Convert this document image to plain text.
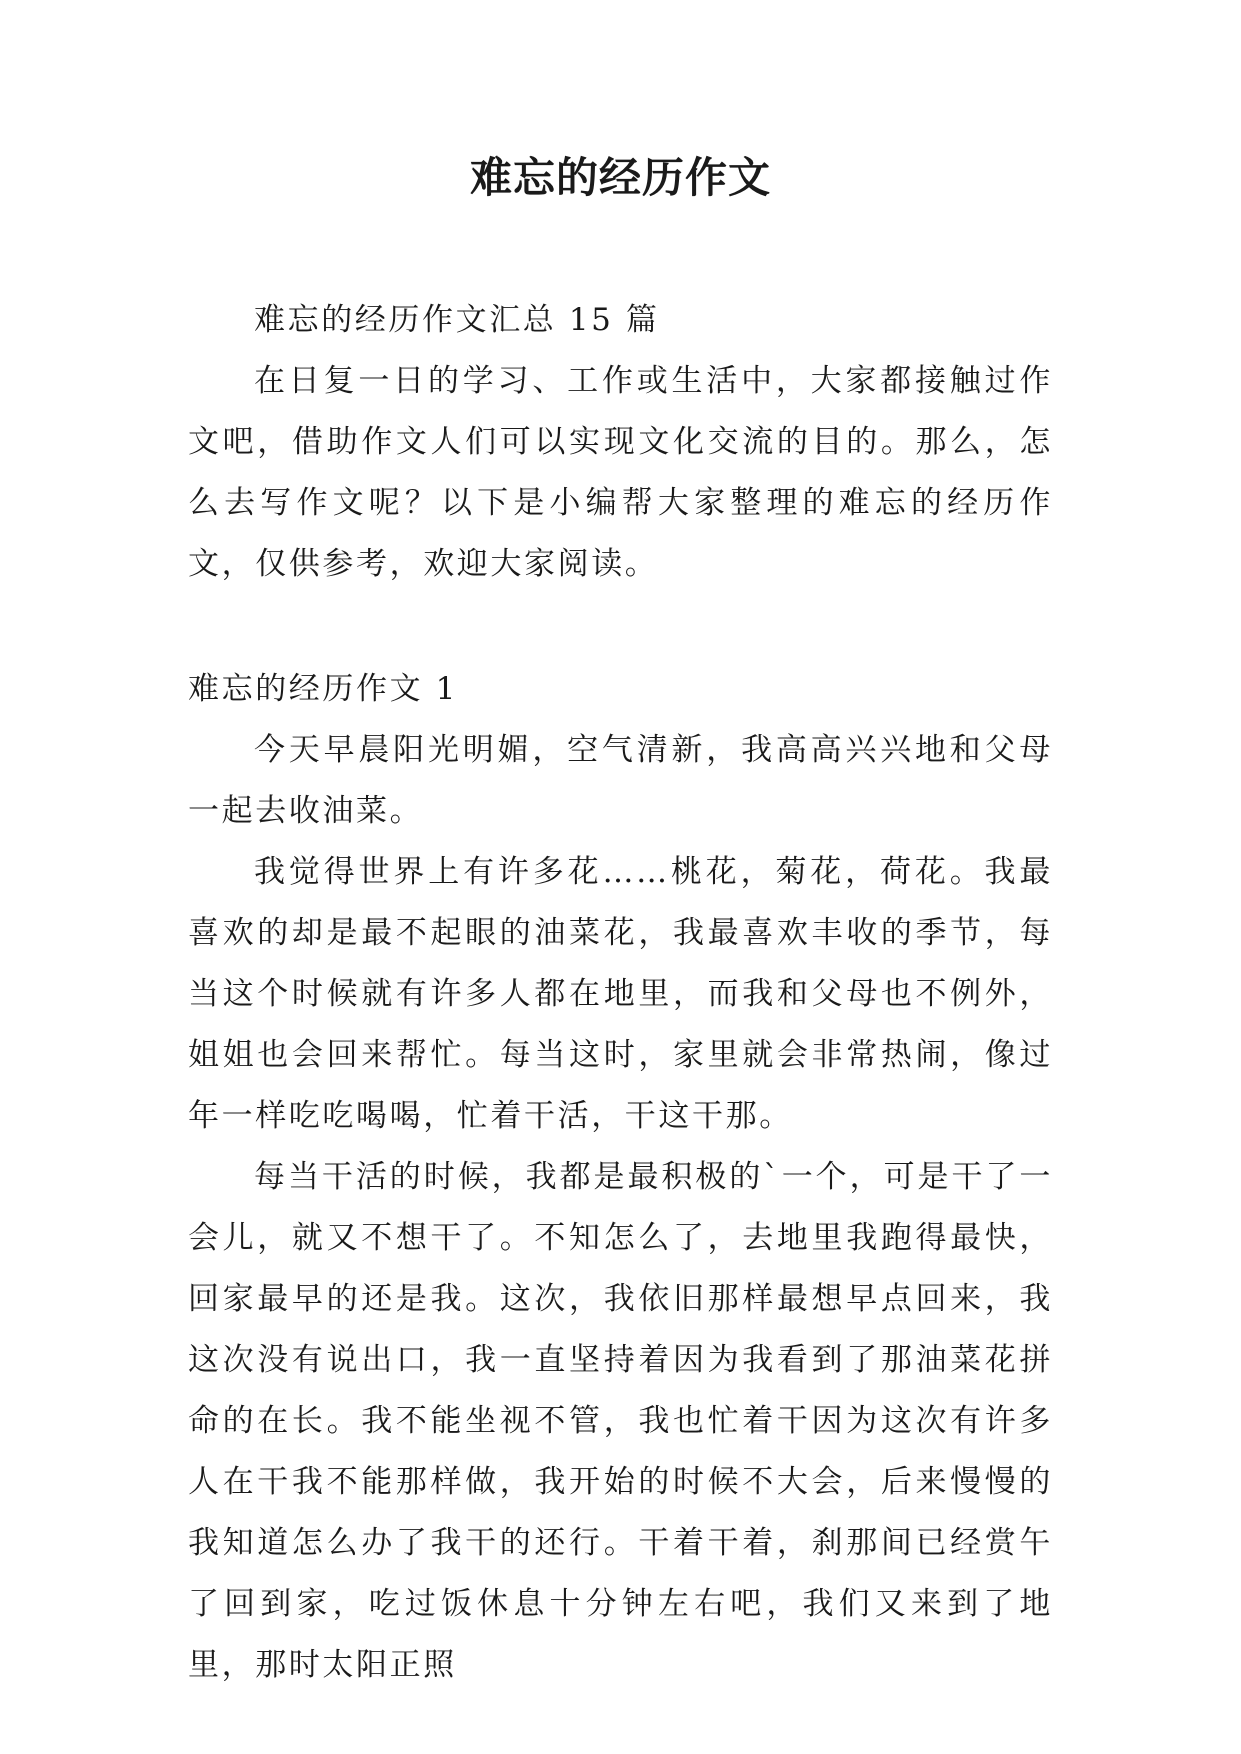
难忘的经历作文

难忘的经历作文汇总 15 篇

在日复一日的学习、工作或生活中，大家都接触过作文吧，借助作文人们可以实现文化交流的目的。那么，怎么去写作文呢？以下是小编帮大家整理的难忘的经历作文，仅供参考，欢迎大家阅读。

难忘的经历作文 1

今天早晨阳光明媚，空气清新，我高高兴兴地和父母一起去收油菜。

我觉得世界上有许多花……桃花，菊花，荷花。我最喜欢的却是最不起眼的油菜花，我最喜欢丰收的季节，每当这个时候就有许多人都在地里，而我和父母也不例外，姐姐也会回来帮忙。每当这时，家里就会非常热闹，像过年一样吃吃喝喝，忙着干活，干这干那。

每当干活的时候，我都是最积极的`一个，可是干了一会儿，就又不想干了。不知怎么了，去地里我跑得最快，回家最早的还是我。这次，我依旧那样最想早点回来，我这次没有说出口，我一直坚持着因为我看到了那油菜花拼命的在长。我不能坐视不管，我也忙着干因为这次有许多人在干我不能那样做，我开始的时候不大会，后来慢慢的我知道怎么办了我干的还行。干着干着，刹那间已经赏午了回到家，吃过饭休息十分钟左右吧，我们又来到了地里，那时太阳正照
